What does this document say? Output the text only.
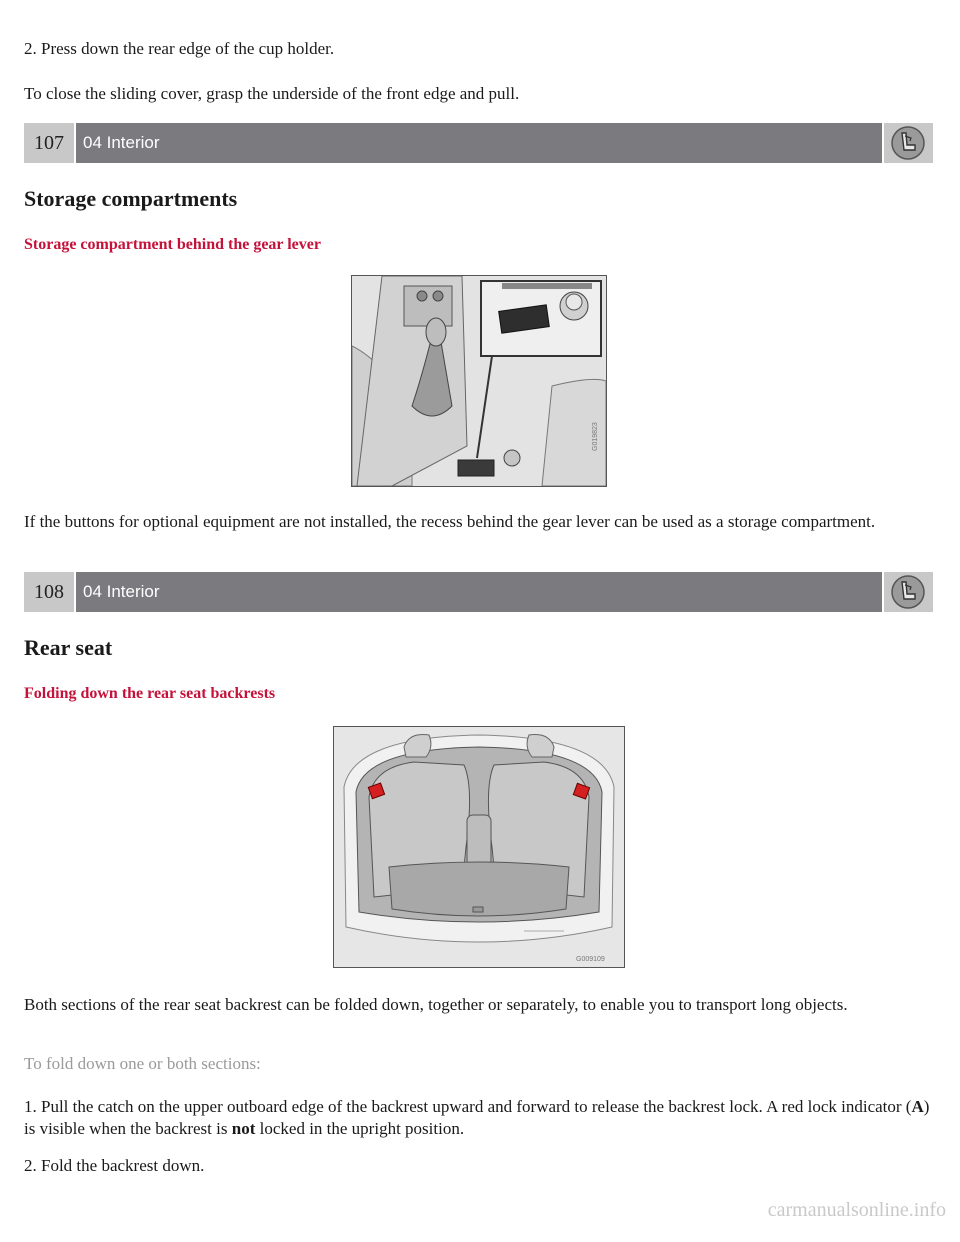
2. Press down the rear edge of the cup holder.

To close the sliding cover, grasp the underside of the front edge and pull.

107	04 Interior
Storage compartments
Storage compartment behind the gear lever
G019823

If the buttons for optional equipment are not installed, the recess behind the gear lever can be used as a storage compartment.

108	04 Interior
Rear seat
Folding down the rear seat backrests
G009109

Both sections of the rear seat backrest can be folded down, together or separately, to enable you to transport long objects.

To fold down one or both sections:

1. Pull the catch on the upper outboard edge of the backrest upward and forward to release the backrest lock. A red lock indicator (A) is visible when the backrest is not locked in the upright position.

2. Fold the backrest down.

carmanualsonline.info
